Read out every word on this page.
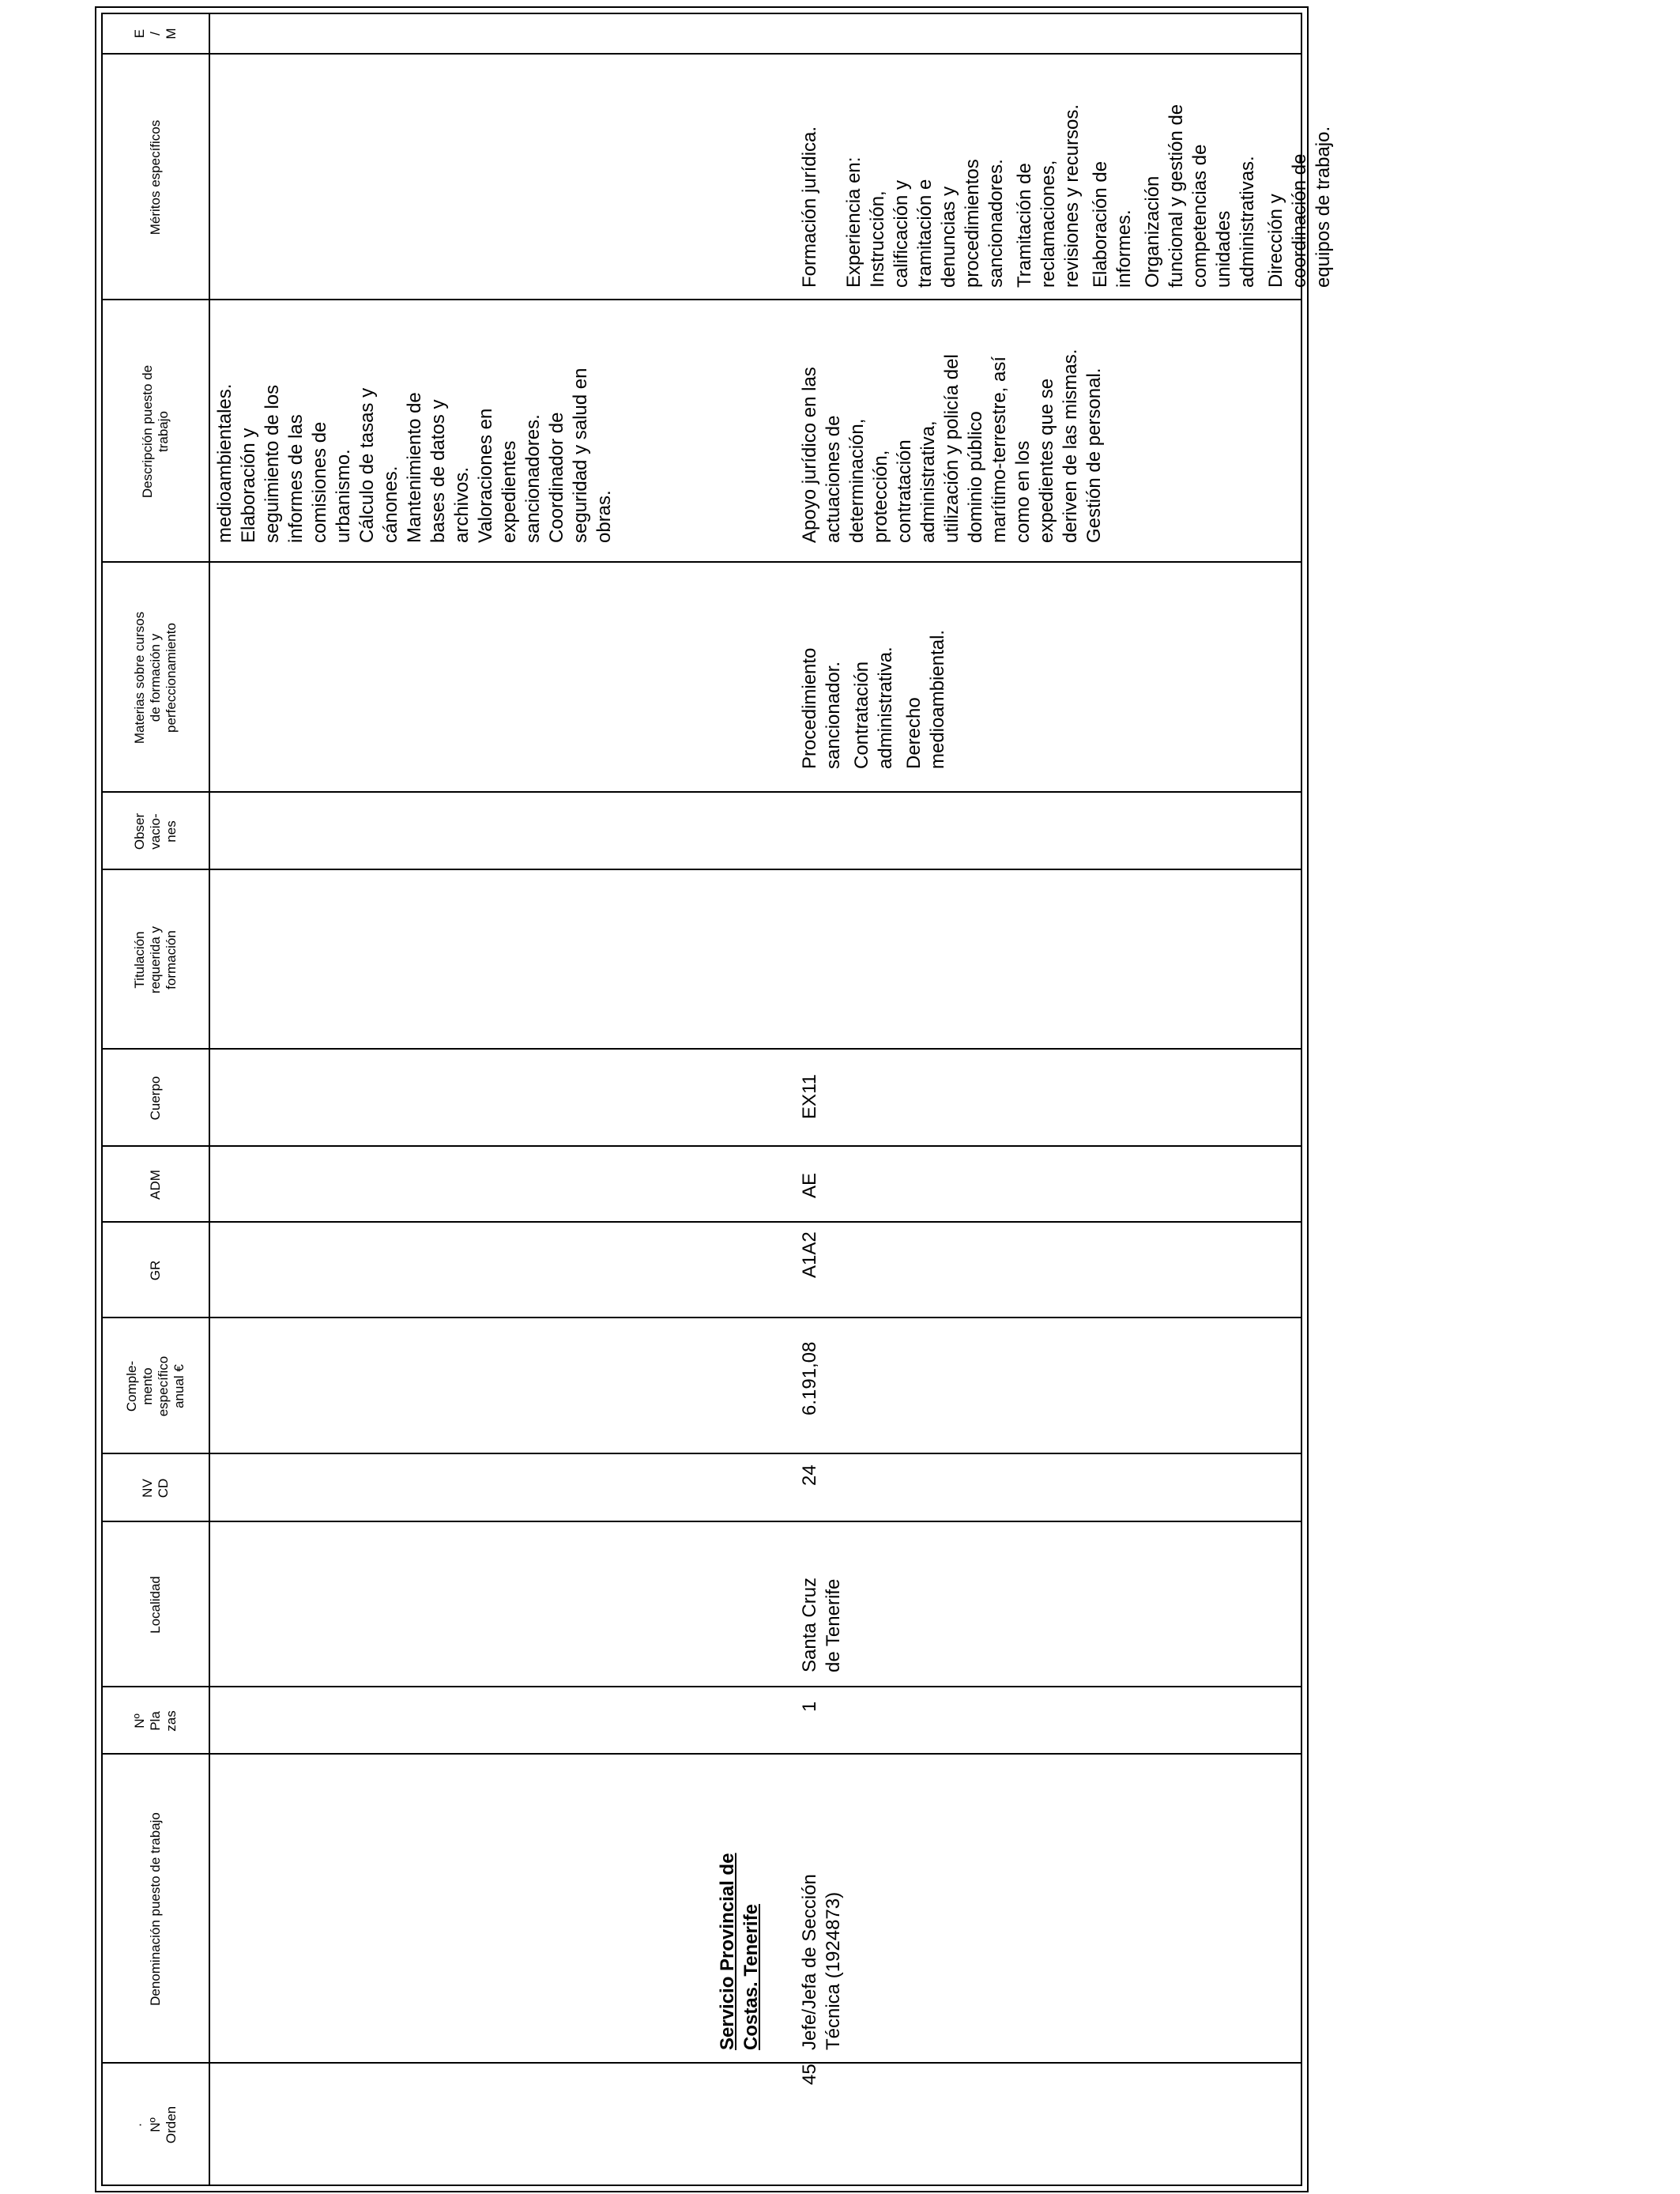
·
Nº
Orden
Denominación puesto de trabajo
Nº
Pla
zas
Localidad
NV
CD
Comple-
mento
específico
anual €
GR
ADM
Cuerpo
Titulación
requerida y
formación
Obser
vacio-
nes
Materias sobre cursos
de formación y
perfeccionamiento
Descripción puesto de
trabajo
Méritos específicos
E
/
M
medioambientales. Elaboración y seguimiento de los informes de las comisiones de urbanismo. Cálculo de tasas y cánones. Mantenimiento de bases de datos y archivos. Valoraciones en expedientes sancionadores. Coordinador de seguridad y salud en obras.
Servicio Provincial de
Costas. Tenerife
45
Jefe/Jefa de Sección
Técnica (1924873)
1
Santa Cruz
de Tenerife
24
6.191,08
A1A2
AE
EX11
Procedimiento sancionador. Contratación administrativa. Derecho medioambiental.
Apoyo jurídico en las actuaciones de determinación, protección, contratación administrativa, utilización y policía del dominio público marítimo-terrestre, así como en los expedientes que se deriven de las mismas. Gestión de personal.
Formación jurídica. Experiencia en: Instrucción, calificación y tramitación e denuncias y procedimientos sancionadores. Tramitación de reclamaciones, revisiones y recursos. Elaboración de informes. Organización funcional y gestión de competencias de unidades administrativas. Dirección y coordinación de equipos de trabajo.
